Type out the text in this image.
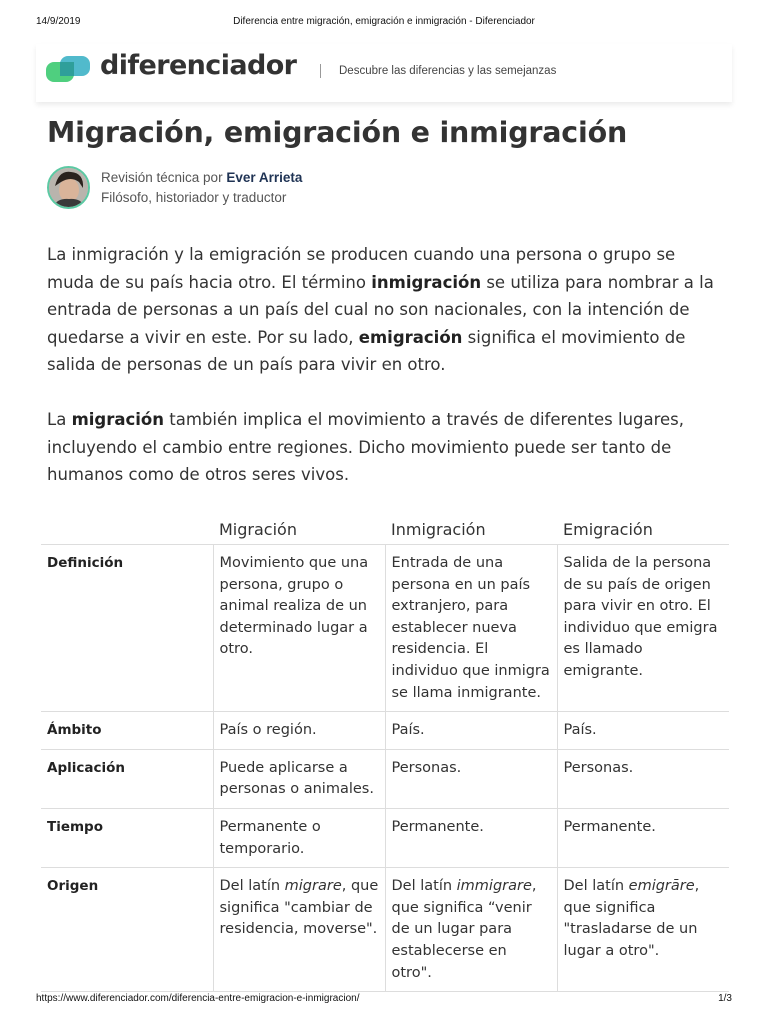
14/9/2019	Diferencia entre migración, emigración e inmigración - Diferenciador
diferenciador	Descubre las diferencias y las semejanzas
Migración, emigración e inmigración
Revisión técnica por Ever Arrieta
Filósofo, historiador y traductor

La inmigración y la emigración se producen cuando una persona o grupo se muda de su país hacia otro. El término inmigración se utiliza para nombrar a la entrada de personas a un país del cual no son nacionales, con la intención de quedarse a vivir en este. Por su lado, emigración significa el movimiento de salida de personas de un país para vivir en otro.

La migración también implica el movimiento a través de diferentes lugares, incluyendo el cambio entre regiones. Dicho movimiento puede ser tanto de humanos como de otros seres vivos.

	Migración	Inmigración	Emigración
Definición	Movimiento que una persona, grupo o animal realiza de un determinado lugar a otro.	Entrada de una persona en un país extranjero, para establecer nueva residencia. El individuo que inmigra se llama inmigrante.	Salida de la persona de su país de origen para vivir en otro. El individuo que emigra es llamado emigrante.
Ámbito	País o región.	País.	País.
Aplicación	Puede aplicarse a personas o animales.	Personas.	Personas.
Tiempo	Permanente o temporario.	Permanente.	Permanente.
Origen	Del latín migrare, que significa "cambiar de residencia, moverse".	Del latín immigrare, que significa “venir de un lugar para establecerse en otro".	Del latín emigrāre, que significa "trasladarse de un lugar a otro".
https://www.diferenciador.com/diferencia-entre-emigracion-e-inmigracion/	1/3
